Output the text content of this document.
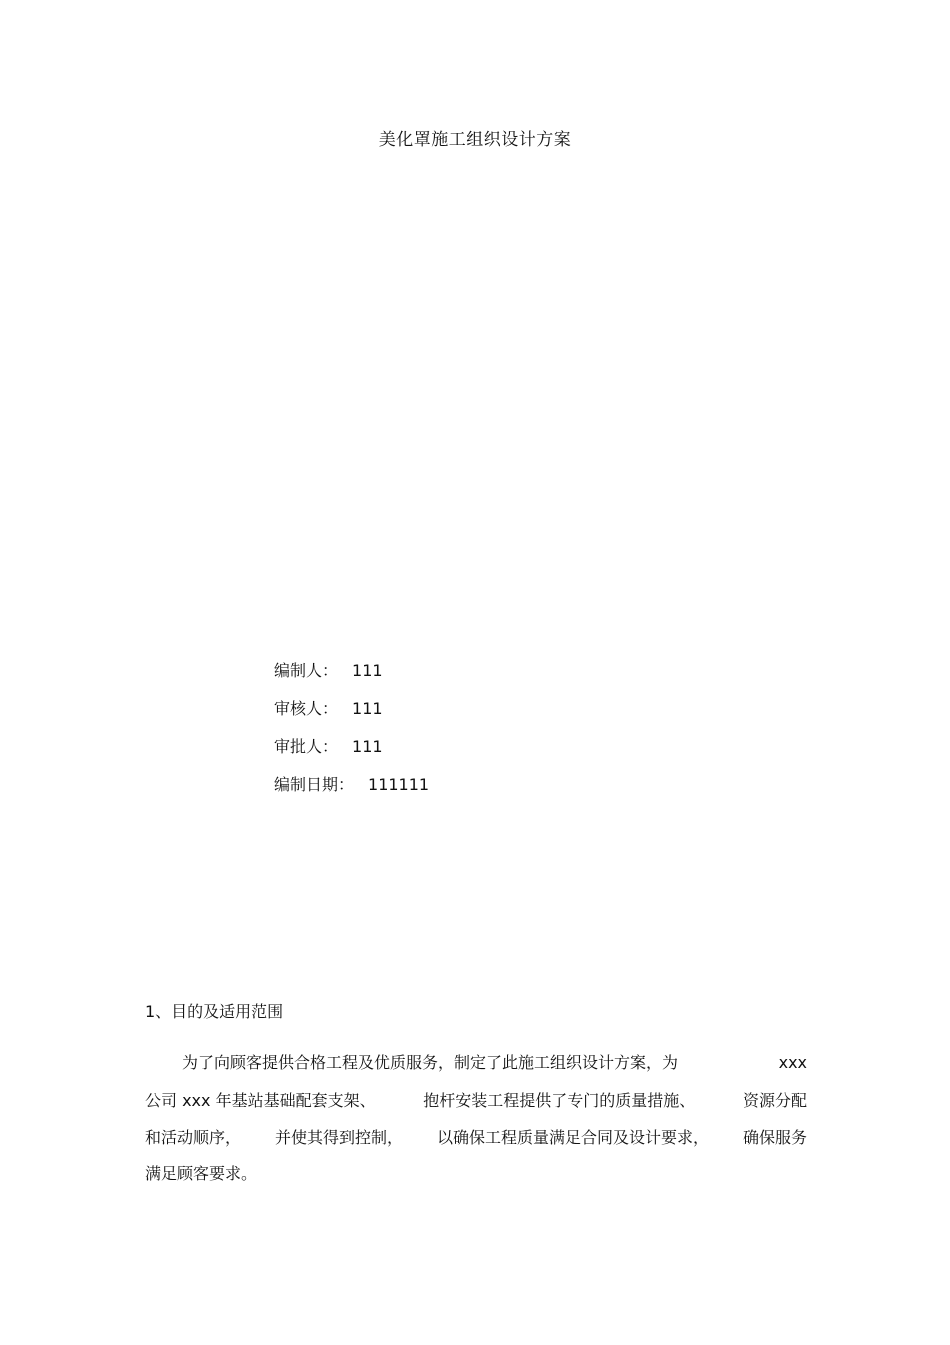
美化罩施工组织设计方案
编制人： 111
审核人： 111
审批人： 111
编制日期： 111111
1、目的及适用范围
为了向顾客提供合格工程及优质服务，制定了此施工组织设计方案，为	xxx
公司 xxx 年基站基础配套支架、	抱杆安装工程提供了专门的质量措施、	资源分配
和活动顺序， 并使其得到控制， 以确保工程质量满足合同及设计要求， 确保服务
满足顾客要求。
